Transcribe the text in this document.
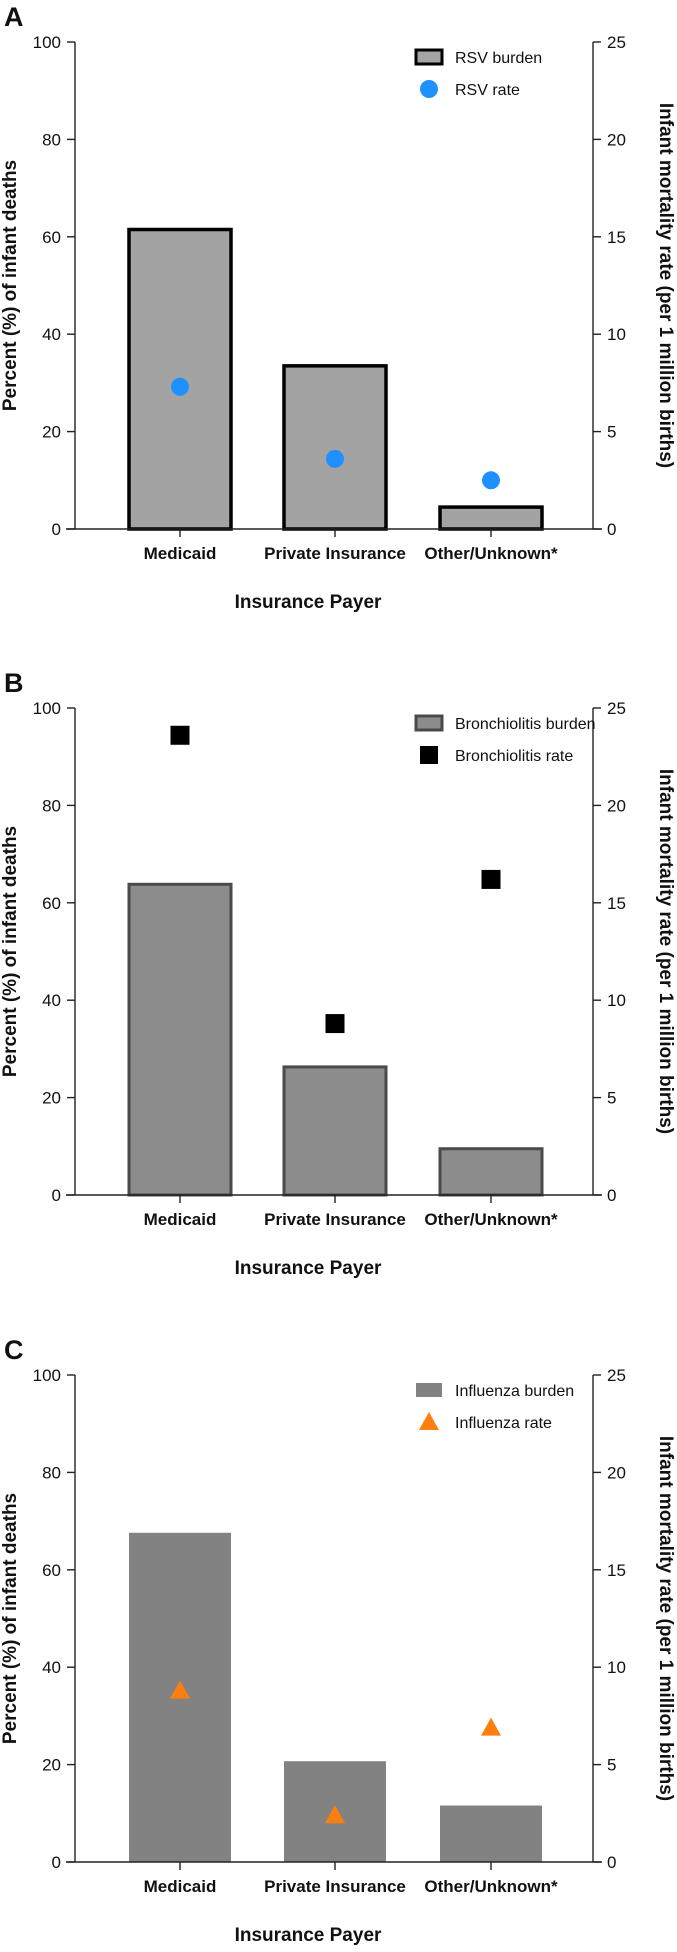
A
0
20
40
60
80
100
0
5
10
15
20
25
Medicaid	Private Insurance Other/Unknown*
Insurance Payer
Percent (%) of infant deaths	Infant mortality rate (per 1 million births)
RSV burden
RSV rate
B
0
20
40
60
80
100
0
5
10
15
20
25
Medicaid	Private Insurance Other/Unknown*
Insurance Payer
Percent (%) of infant deaths	Infant mortality rate (per 1 million births)
Bronchiolitis burden
Bronchiolitis rate
C
0
20
40
60
80
100
0
5
10
15
20
25
Medicaid	Private Insurance Other/Unknown*
Insurance Payer
Percent (%) of infant deaths	Infant mortality rate (per 1 million births)
Influenza burden
Influenza rate
